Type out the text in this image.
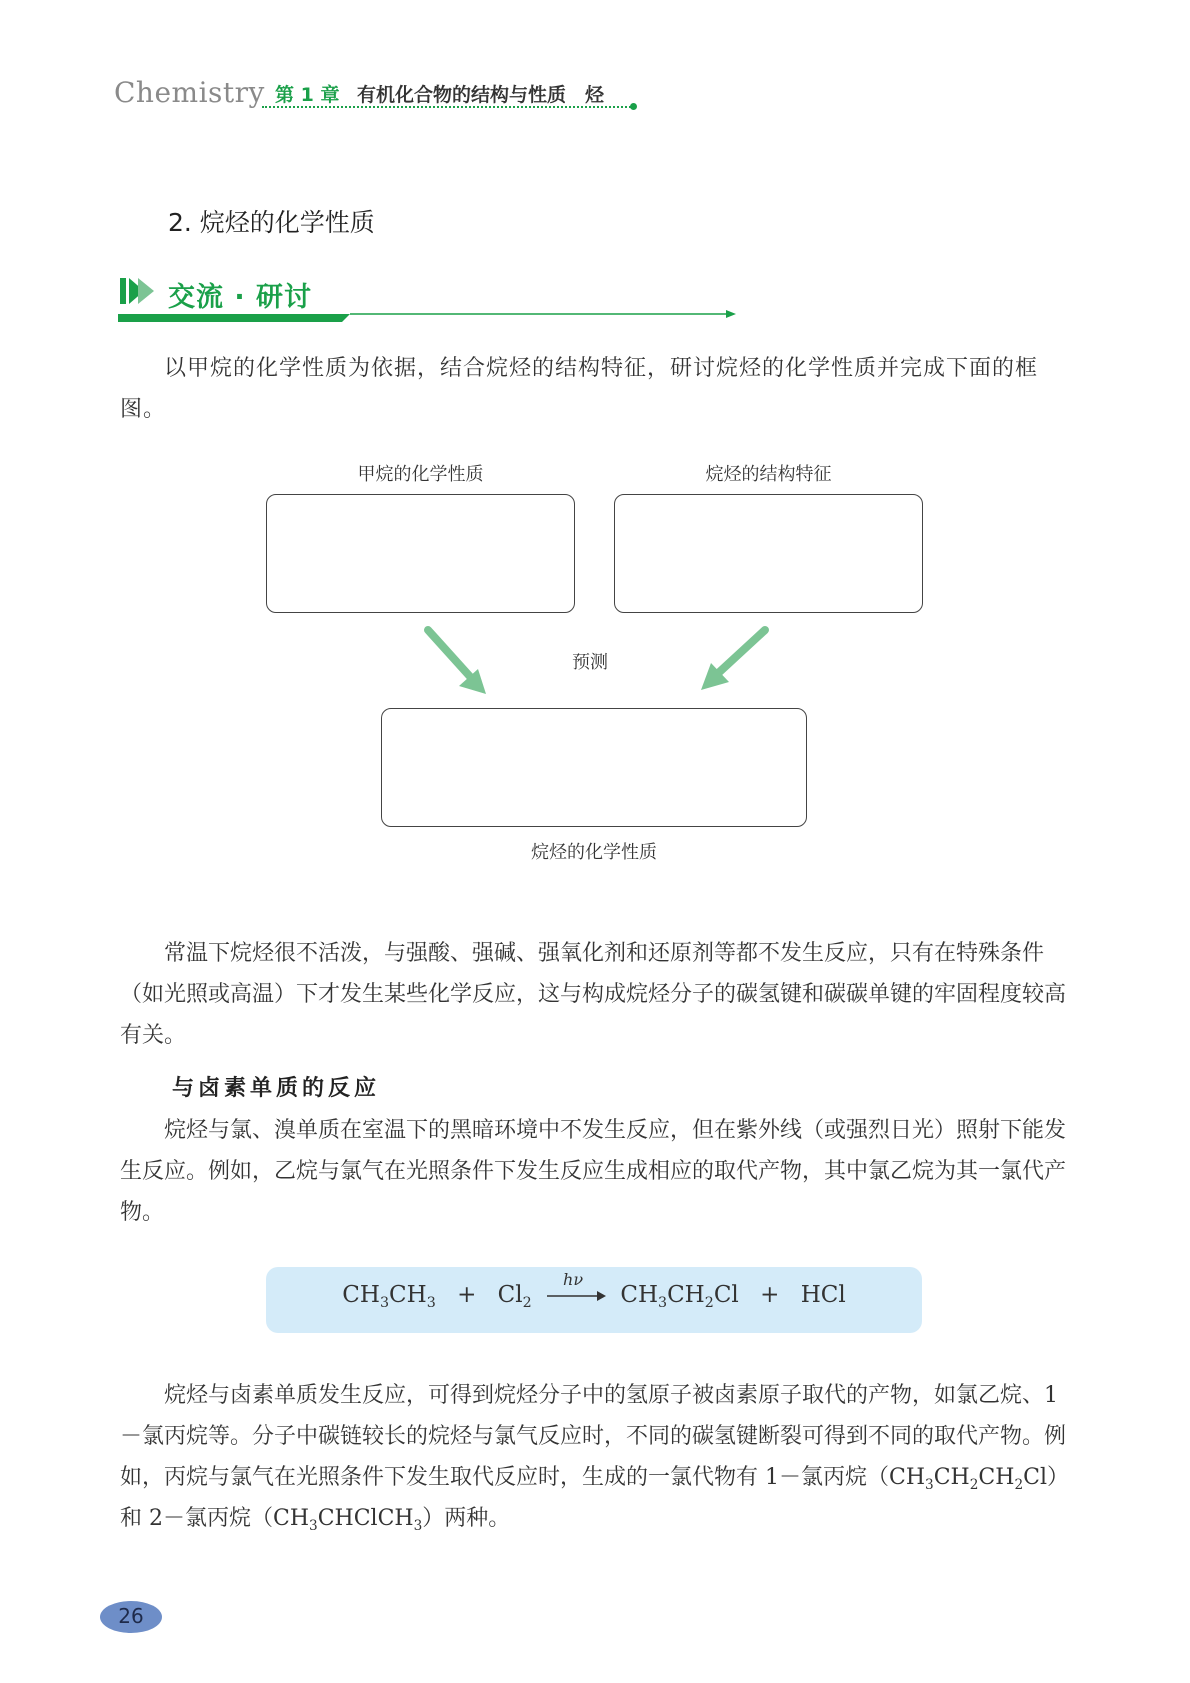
Chemistry 第 1 章 有机化合物的结构与性质　烃
2. 烷烃的化学性质
交流 · 研讨

以甲烷的化学性质为依据，结合烷烃的结构特征，研讨烷烃的化学性质并完成下面的框图。

甲烷的化学性质	烷烃的结构特征
预测
烷烃的化学性质

常温下烷烃很不活泼，与强酸、强碱、强氧化剂和还原剂等都不发生反应，只有在特殊条件（如光照或高温）下才发生某些化学反应，这与构成烷烃分子的碳氢键和碳碳单键的牢固程度较高有关。

与卤素单质的反应

烷烃与氯、溴单质在室温下的黑暗环境中不发生反应，但在紫外线（或强烈日光）照射下能发生反应。例如，乙烷与氯气在光照条件下发生反应生成相应的取代产物，其中氯乙烷为其一氯代产物。

$CH_3CH_3 + Cl_2$
hν
$CH_3CH_2Cl$ + HCl

烷烃与卤素单质发生反应，可得到烷烃分子中的氢原子被卤素原子取代的产物，如氯乙烷、1－氯丙烷等。分子中碳链较长的烷烃与氯气反应时，不同的碳氢键断裂可得到不同的取代产物。例如，丙烷与氯气在光照条件下发生取代反应时，生成的一氯代物有 1－氯丙烷$(CH_3CH_2CH_2Cl)$和 2－氯丙烷$(CH_3CHClCH_3)$两种。

26
